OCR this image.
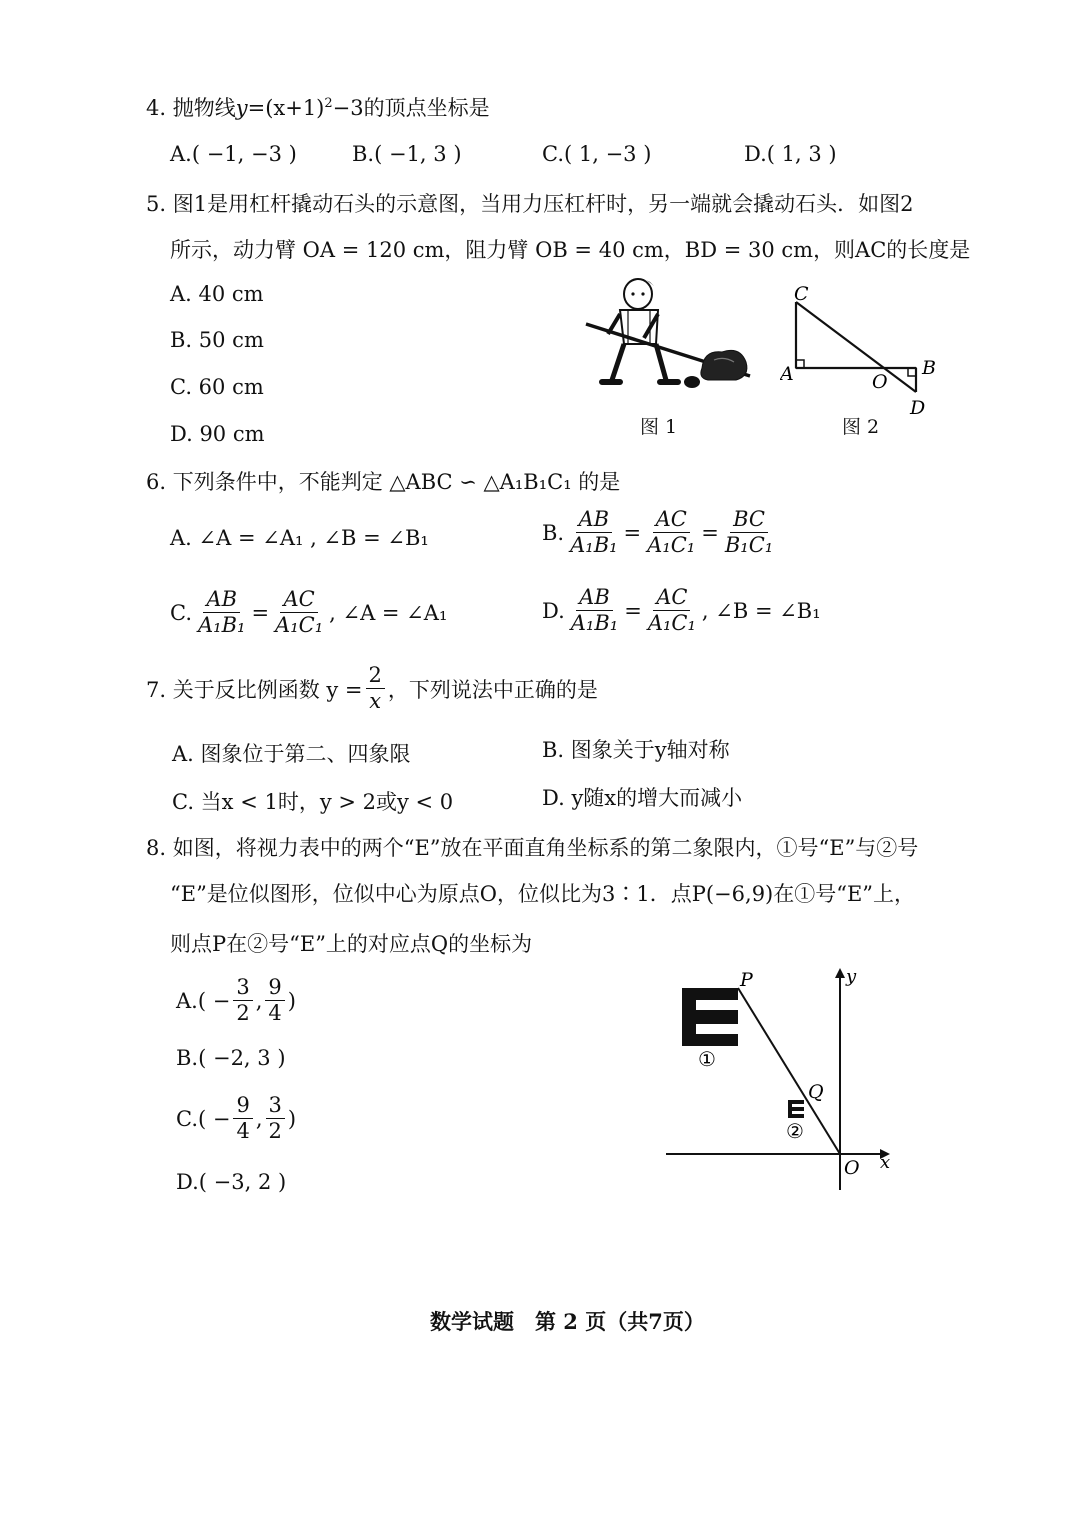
4. 抛物线$y=(x+1)^2-3$的顶点坐标是
A.( −1, −3 )	B.( −1, 3 )	C.( 1, −3 )	D.( 1, 3 )
5. 图1是用杠杆撬动石头的示意图，当用力压杠杆时，另一端就会撬动石头．如图2
所示，动力臂 OA = 120 cm，阻力臂 OB = 40 cm，BD = 30 cm，则AC的长度是
A. 40 cm
B. 50 cm
C. 60 cm
D. 90 cm	图 1
C
A	O
B
D
图 2
6. 下列条件中，不能判定 △ABC ∽ △A₁B₁C₁ 的是
A. ∠A = ∠A₁ , ∠B = ∠B₁	B. $\frac{AB}{\text{A₁B₁}} = \frac{AC}{\text{A₁C₁}} = \frac{BC}{\text{B₁C₁}}$
C. $\frac{AB}{\text{A₁B₁}} = \frac{AC}{\text{A₁C₁}}$ , ∠A = ∠A₁	D. $\frac{AB}{\text{A₁B₁}} = \frac{AC}{\text{A₁C₁}}$ , ∠B = ∠B₁
7. 关于反比例函数 $y = \frac{2}{x}$ ，下列说法中正确的是
A. 图象位于第二、四象限	B. 图象关于y轴对称
C. 当x < 1时，y > 2或y < 0	D. y随x的增大而减小
8. 如图，将视力表中的两个“E”放在平面直角坐标系的第二象限内，①号“E”与②号
“E”是位似图形，位似中心为原点O，位似比为3∶1．点P(−6,9)在①号“E”上，
则点P在②号“E”上的对应点Q的坐标为
A. ( − $\frac{3}{2}$ , $\frac{9}{4}$ )
B.( −2, 3 )
C. ( − $\frac{9}{4}$ , $\frac{3}{2}$ )
D.( −3, 2 )
P
Q
O x
y
①
②
数学试题　第 2 页（共7页）
